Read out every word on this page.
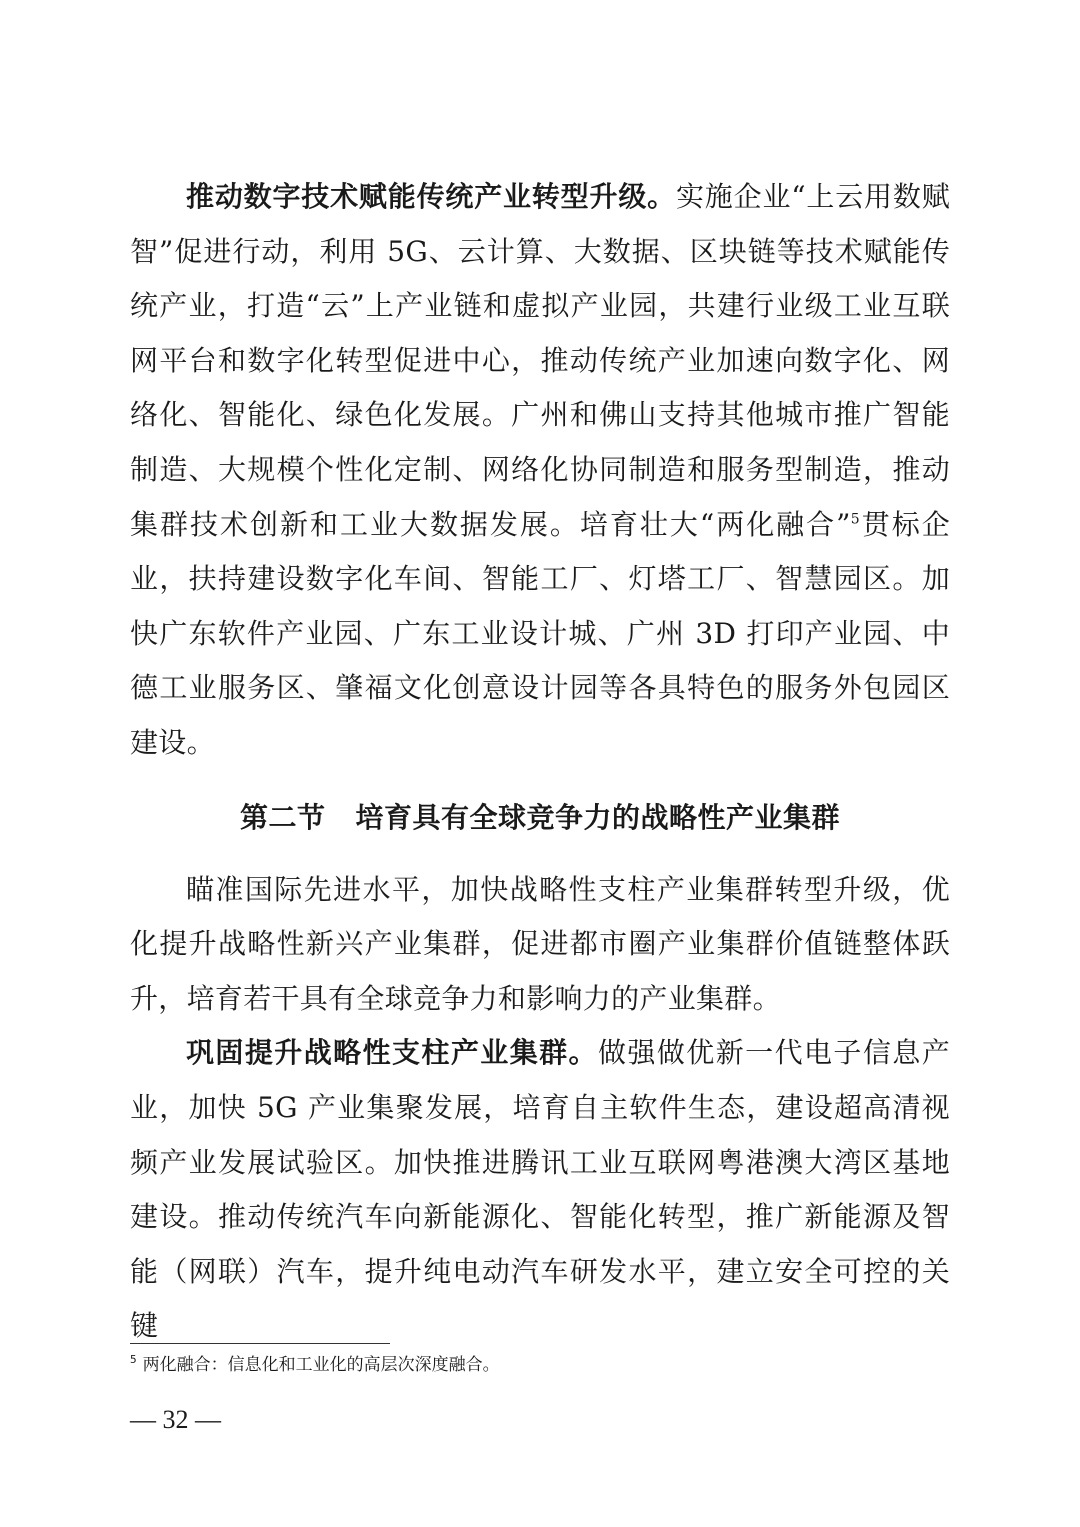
推动数字技术赋能传统产业转型升级。实施企业“上云用数赋智”促进行动，利用 5G、云计算、大数据、区块链等技术赋能传统产业，打造“云”上产业链和虚拟产业园，共建行业级工业互联网平台和数字化转型促进中心，推动传统产业加速向数字化、网络化、智能化、绿色化发展。广州和佛山支持其他城市推广智能制造、大规模个性化定制、网络化协同制造和服务型制造，推动集群技术创新和工业大数据发展。培育壮大“两化融合”$^5$贯标企业，扶持建设数字化车间、智能工厂、灯塔工厂、智慧园区。加快广东软件产业园、广东工业设计城、广州 3D 打印产业园、中德工业服务区、肇福文化创意设计园等各具特色的服务外包园区建设。

第二节 培育具有全球竞争力的战略性产业集群

瞄准国际先进水平，加快战略性支柱产业集群转型升级，优化提升战略性新兴产业集群，促进都市圈产业集群价值链整体跃升，培育若干具有全球竞争力和影响力的产业集群。

巩固提升战略性支柱产业集群。做强做优新一代电子信息产业，加快 5G 产业集聚发展，培育自主软件生态，建设超高清视频产业发展试验区。加快推进腾讯工业互联网粤港澳大湾区基地建设。推动传统汽车向新能源化、智能化转型，推广新能源及智能（网联）汽车，提升纯电动汽车研发水平，建立安全可控的关键

$^5$ 两化融合：信息化和工业化的高层次深度融合。
— 32 —
